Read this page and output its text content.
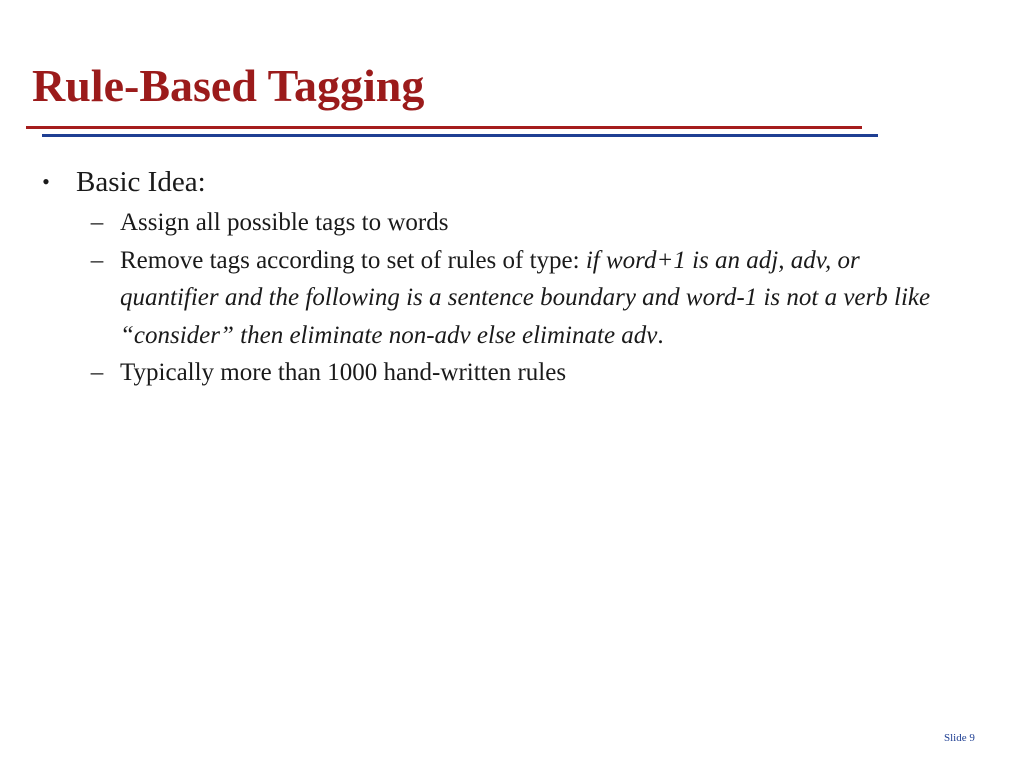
Rule-Based Tagging
• Basic Idea:
– Assign all possible tags to words
– Remove tags according to set of rules of type: if word+1 is an adj, adv, or quantifier and the following is a sentence boundary and word-1 is not a verb like “consider” then eliminate non-adv else eliminate adv.
– Typically more than 1000 hand-written rules
Slide 9
